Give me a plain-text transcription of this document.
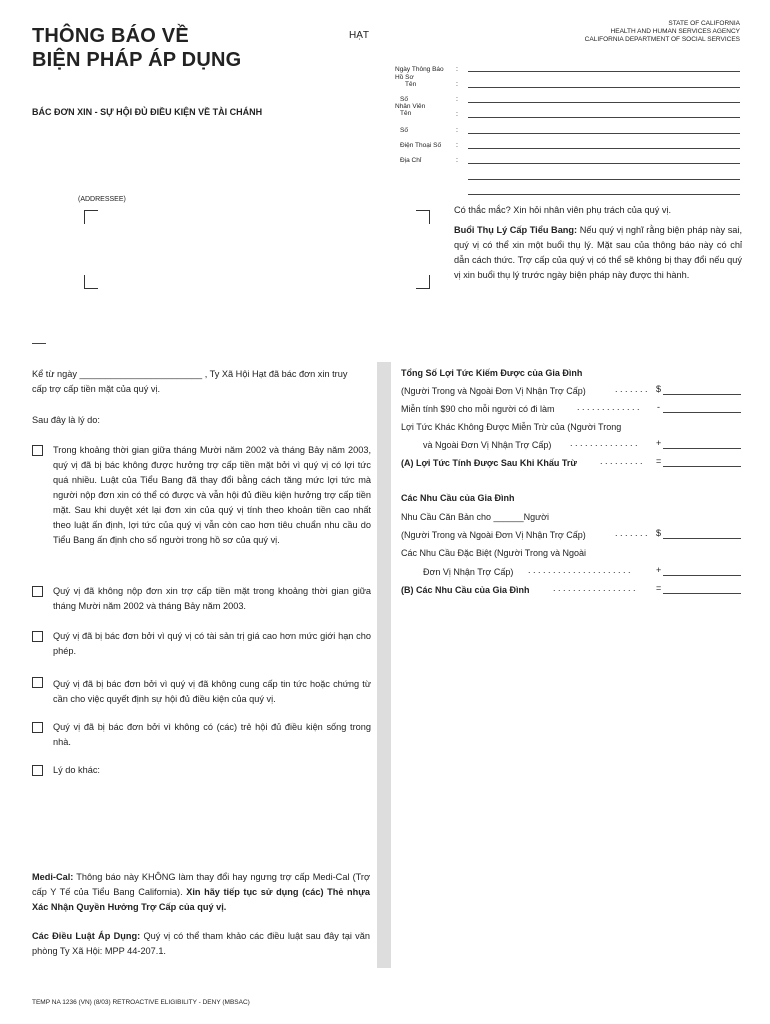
THÔNG BÁO VỀ
BIỆN PHÁP ÁP DỤNG
HẠT
STATE OF CALIFORNIA
HEALTH AND HUMAN SERVICES AGENCY
CALIFORNIA DEPARTMENT OF SOCIAL SERVICES
BÁC ĐƠN XIN - SỰ HỘI ĐỦ ĐIỀU KIỆN VỀ TÀI CHÁNH
Ngày Thông Báo	:
Hồ Sơ
Tên	:
Số	:
Nhân Viên
Tên	:
Số	:
Điện Thoại Số	:
Địa Chỉ	:
(ADDRESSEE)
Có thắc mắc? Xin hỏi nhân viên phụ trách của quý vị.
Buổi Thụ Lý Cấp Tiểu Bang: Nếu quý vị nghĩ rằng biện pháp này sai, quý vị có thể xin một buổi thụ lý. Mặt sau của thông báo này có chỉ dẫn cách thức. Trợ cấp của quý vị có thể sẽ không bị thay đổi nếu quý vị xin buổi thụ lý trước ngày biện pháp này được thi hành.
Kể từ ngày ________________________ , Ty Xã Hội Hạt đã bác đơn xin truy
cấp trợ cấp tiền mặt của quý vị.
Sau đây là lý do:
Trong khoảng thời gian giữa tháng Mười năm 2002 và tháng Bảy năm 2003, quý vị đã bị bác không được hưởng trợ cấp tiền mặt bởi vì quý vị có lợi tức quá nhiều. Luật của Tiểu Bang đã thay đổi bằng cách tăng mức lợi tức mà người nộp đơn xin có thể có được và vẫn hội đủ điều kiện hưởng trợ cấp tiền mặt. Sau khi duyệt xét lại đơn xin của quý vị tính theo khoản tiền cao nhất theo luật ấn định, lợi tức của quý vị vẫn còn cao hơn tiêu chuẩn nhu cầu do Tiểu Bang ấn định cho số người trong hồ sơ của quý vị.
Quý vị đã không nộp đơn xin trợ cấp tiền mặt trong khoảng thời gian giữa tháng Mười năm 2002 và tháng Bảy năm 2003.
Quý vị đã bị bác đơn bởi vì quý vị có tài sản trị giá cao hơn mức giới hạn cho phép.
Quý vị đã bị bác đơn bởi vì quý vị đã không cung cấp tin tức hoặc chứng từ cần cho việc quyết định sự hội đủ điều kiện của quý vị.
Quý vị đã bị bác đơn bởi vì không có (các) trẻ hội đủ điều kiện sống trong nhà.
Lý do khác:
Medi-Cal: Thông báo này KHÔNG làm thay đổi hay ngưng trợ cấp Medi-Cal (Trợ cấp Y Tế của Tiểu Bang California). Xin hãy tiếp tục sử dụng (các) Thẻ nhựa Xác Nhận Quyền Hưởng Trợ Cấp của quý vị.
Các Điều Luật Áp Dụng: Quý vị có thể tham khảo các điều luật sau đây tại văn phòng Ty Xã Hội: MPP 44-207.1.
Tổng Số Lợi Tức Kiếm Được của Gia Đình
(Người Trong và Ngoài Đơn Vị Nhận Trợ Cấp)	. . . . . . . $
Miễn tính $90 cho mỗi người có đi làm . . . . . . . . . . . . . -
Lợi Tức Khác Không Được Miễn Trừ của (Người Trong
và Ngoài Đơn Vị Nhận Trợ Cấp) . . . . . . . . . . . . . . +
(A) Lợi Tức Tính Được Sau Khi Khấu Trừ	. . . . . . . . . =
Các Nhu Cầu của Gia Đình
Nhu Cầu Căn Bản cho ______Người
(Người Trong và Ngoài Đơn Vị Nhận Trợ Cấp)	. . . . . . . $
Các Nhu Cầu Đặc Biệt (Người Trong và Ngoài
Đơn Vị Nhận Trợ Cấp) . . . . . . . . . . . . . . . . . . . . .	+
(B) Các Nhu Cầu của Gia Đình	. . . . . . . . . . . . . . . . . =
TEMP NA 1236 (VN) (8/03) RETROACTIVE ELIGIBILITY - DENY (MBSAC)
